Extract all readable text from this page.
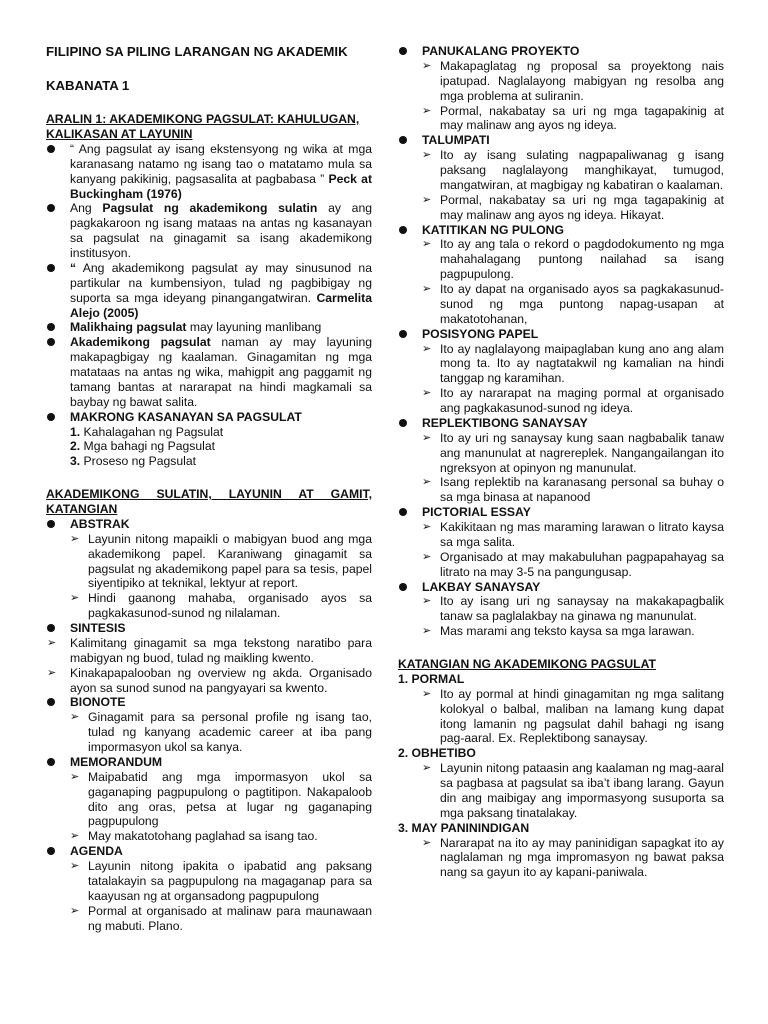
FILIPINO SA PILING LARANGAN NG AKADEMIK
KABANATA 1
ARALIN 1: AKADEMIKONG PAGSULAT: KAHULUGAN, KALIKASAN AT LAYUNIN
“ Ang pagsulat ay isang ekstensyong ng wika at mga karanasang natamo ng isang tao o matatamo mula sa kanyang pakikinig, pagsasalita at pagbabasa ” Peck at Buckingham (1976)
Ang Pagsulat ng akademikong sulatin ay ang pagkakaroon ng isang mataas na antas ng kasanayan sa pagsulat na ginagamit sa isang akademikong institusyon.
“ Ang akademikong pagsulat ay may sinusunod na partikular na kumbensiyon, tulad ng pagbibigay ng suporta sa mga ideyang pinangangatwiran. Carmelita Alejo (2005)
Malikhaing pagsulat may layuning manlibang
Akademikong pagsulat naman ay may layuning makapagbigay ng kaalaman. Ginagamitan ng mga matataas na antas ng wika, mahigpit ang paggamit ng tamang bantas at nararapat na hindi magkamali sa baybay ng bawat salita.
MAKRONG KASANAYAN SA PAGSULAT
1. Kahalagahan ng Pagsulat
2. Mga bahagi ng Pagsulat
3. Proseso ng Pagsulat
AKADEMIKONG SULATIN, LAYUNIN AT GAMIT,
KATANGIAN
ABSTRAK
➢ Layunin nitong mapaikli o mabigyan buod ang mga akademikong papel. Karaniwang ginagamit sa pagsulat ng akademikong papel para sa tesis, papel siyentipiko at teknikal, lektyur at report.
➢ Hindi gaanong mahaba, organisado ayos sa pagkakasunod-sunod ng nilalaman.
SINTESIS
➢ Kalimitang ginagamit sa mga tekstong naratibo para mabigyan ng buod, tulad ng maikling kwento.
➢ Kinakapapalooban ng overview ng akda. Organisado ayon sa sunod sunod na pangyayari sa kwento.
BIONOTE
➢ Ginagamit para sa personal profile ng isang tao, tulad ng kanyang academic career at iba pang impormasyon ukol sa kanya.
MEMORANDUM
➢ Maipabatid ang mga impormasyon ukol sa gaganaping pagpupulong o pagtitipon. Nakapaloob dito ang oras, petsa at lugar ng gaganaping pagpupulong
➢ May makatotohang paglahad sa isang tao.
AGENDA
➢ Layunin nitong ipakita o ipabatid ang paksang tatalakayin sa pagpupulong na magaganap para sa kaayusan ng at organsadong pagpupulong
➢ Pormal at organisado at malinaw para maunawaan ng mabuti. Plano.
PANUKALANG PROYEKTO
➢ Makapaglatag ng proposal sa proyektong nais ipatupad. Naglalayong mabigyan ng resolba ang mga problema at suliranin.
➢ Pormal, nakabatay sa uri ng mga tagapakinig at may malinaw ang ayos ng ideya.
TALUMPATI
➢ Ito ay isang sulating nagpapaliwanag g isang paksang naglalayong manghikayat, tumugod, mangatwiran, at magbigay ng kabatiran o kaalaman.
➢ Pormal, nakabatay sa uri ng mga tagapakinig at may malinaw ang ayos ng ideya. Hikayat.
KATITIKAN NG PULONG
➢ Ito ay ang tala o rekord o pagdodokumento ng mga mahahalagang puntong nailahad sa isang pagpupulong.
➢ Ito ay dapat na organisado ayos sa pagkakasunud-sunod ng mga puntong napag-usapan at makatotohanan,
POSISYONG PAPEL
➢ Ito ay naglalayong maipaglaban kung ano ang alam mong ta. Ito ay nagtatakwil ng kamalian na hindi tanggap ng karamihan.
➢ Ito ay nararapat na maging pormal at organisado ang pagkakasunod-sunod ng ideya.
REPLEKTIBONG SANAYSAY
➢ Ito ay uri ng sanaysay kung saan nagbabalik tanaw ang manunulat at nagrereplek. Nangangailangan ito ngreksyon at opinyon ng manunulat.
➢ Isang replektib na karanasang personal sa buhay o sa mga binasa at napanood
PICTORIAL ESSAY
➢ Kakikitaan ng mas maraming larawan o litrato kaysa sa mga salita.
➢ Organisado at may makabuluhan pagpapahayag sa litrato na may 3-5 na pangungusap.
LAKBAY SANAYSAY
➢ Ito ay isang uri ng sanaysay na makakapagbalik tanaw sa paglalakbay na ginawa ng manunulat.
➢ Mas marami ang teksto kaysa sa mga larawan.
KATANGIAN NG AKADEMIKONG PAGSULAT
1. PORMAL
➢ Ito ay pormal at hindi ginagamitan ng mga salitang kolokyal o balbal, maliban na lamang kung dapat itong lamanin ng pagsulat dahil bahagi ng isang pag-aaral. Ex. Replektibong sanaysay.
2. OBHETIBO
➢ Layunin nitong pataasin ang kaalaman ng mag-aaral sa pagbasa at pagsulat sa iba’t ibang larang. Gayun din ang maibigay ang impormasyong susuporta sa mga paksang tinatalakay.
3. MAY PANININDIGAN
➢ Nararapat na ito ay may paninidigan sapagkat ito ay naglalaman ng mga impromasyon ng bawat paksa nang sa gayun ito ay kapani-paniwala.
